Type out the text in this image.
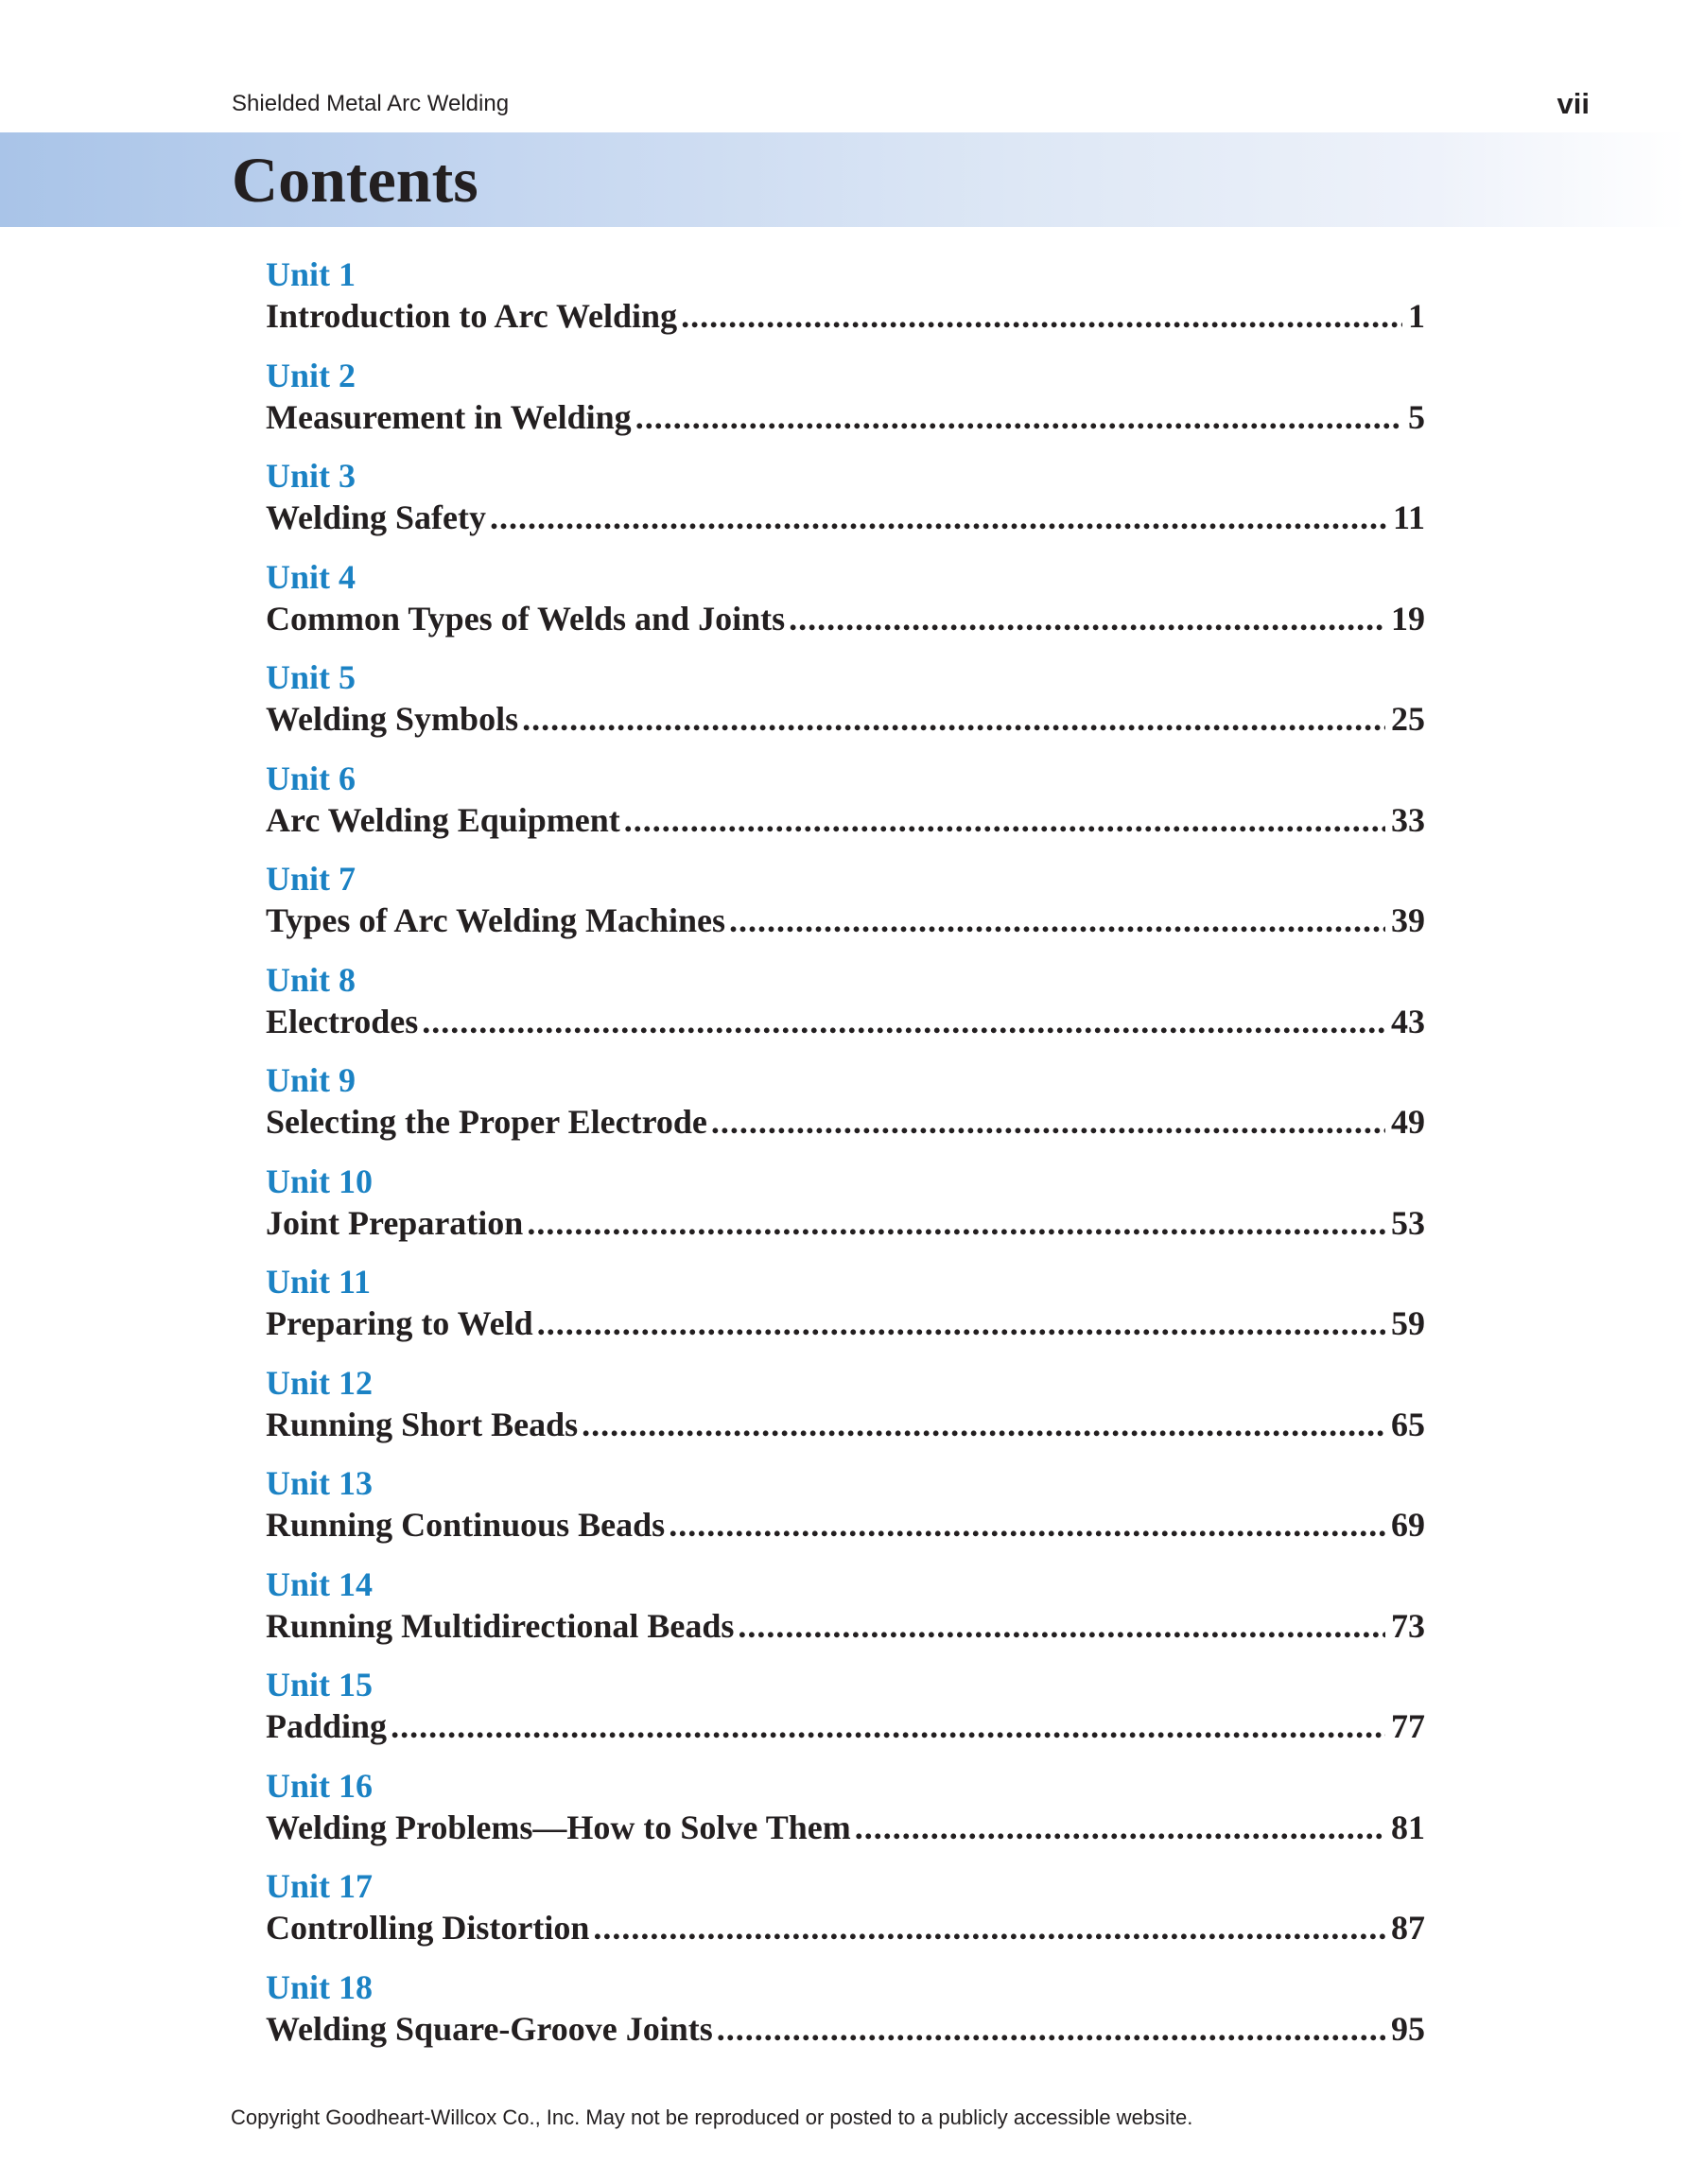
Shielded Metal Arc Welding	vii
Contents
Unit 1
Introduction to Arc Welding .....	1
Unit 2
Measurement in Welding .....	5
Unit 3
Welding Safety .....	11
Unit 4
Common Types of Welds and Joints .....	19
Unit 5
Welding Symbols .....	25
Unit 6
Arc Welding Equipment .....	33
Unit 7
Types of Arc Welding Machines .....	39
Unit 8
Electrodes .....	43
Unit 9
Selecting the Proper Electrode .....	49
Unit 10
Joint Preparation .....	53
Unit 11
Preparing to Weld .....	59
Unit 12
Running Short Beads .....	65
Unit 13
Running Continuous Beads .....	69
Unit 14
Running Multidirectional Beads .....	73
Unit 15
Padding .....	77
Unit 16
Welding Problems—How to Solve Them .....	81
Unit 17
Controlling Distortion .....	87
Unit 18
Welding Square-Groove Joints .....	95
Copyright Goodheart-Willcox Co., Inc. May not be reproduced or posted to a publicly accessible website.
